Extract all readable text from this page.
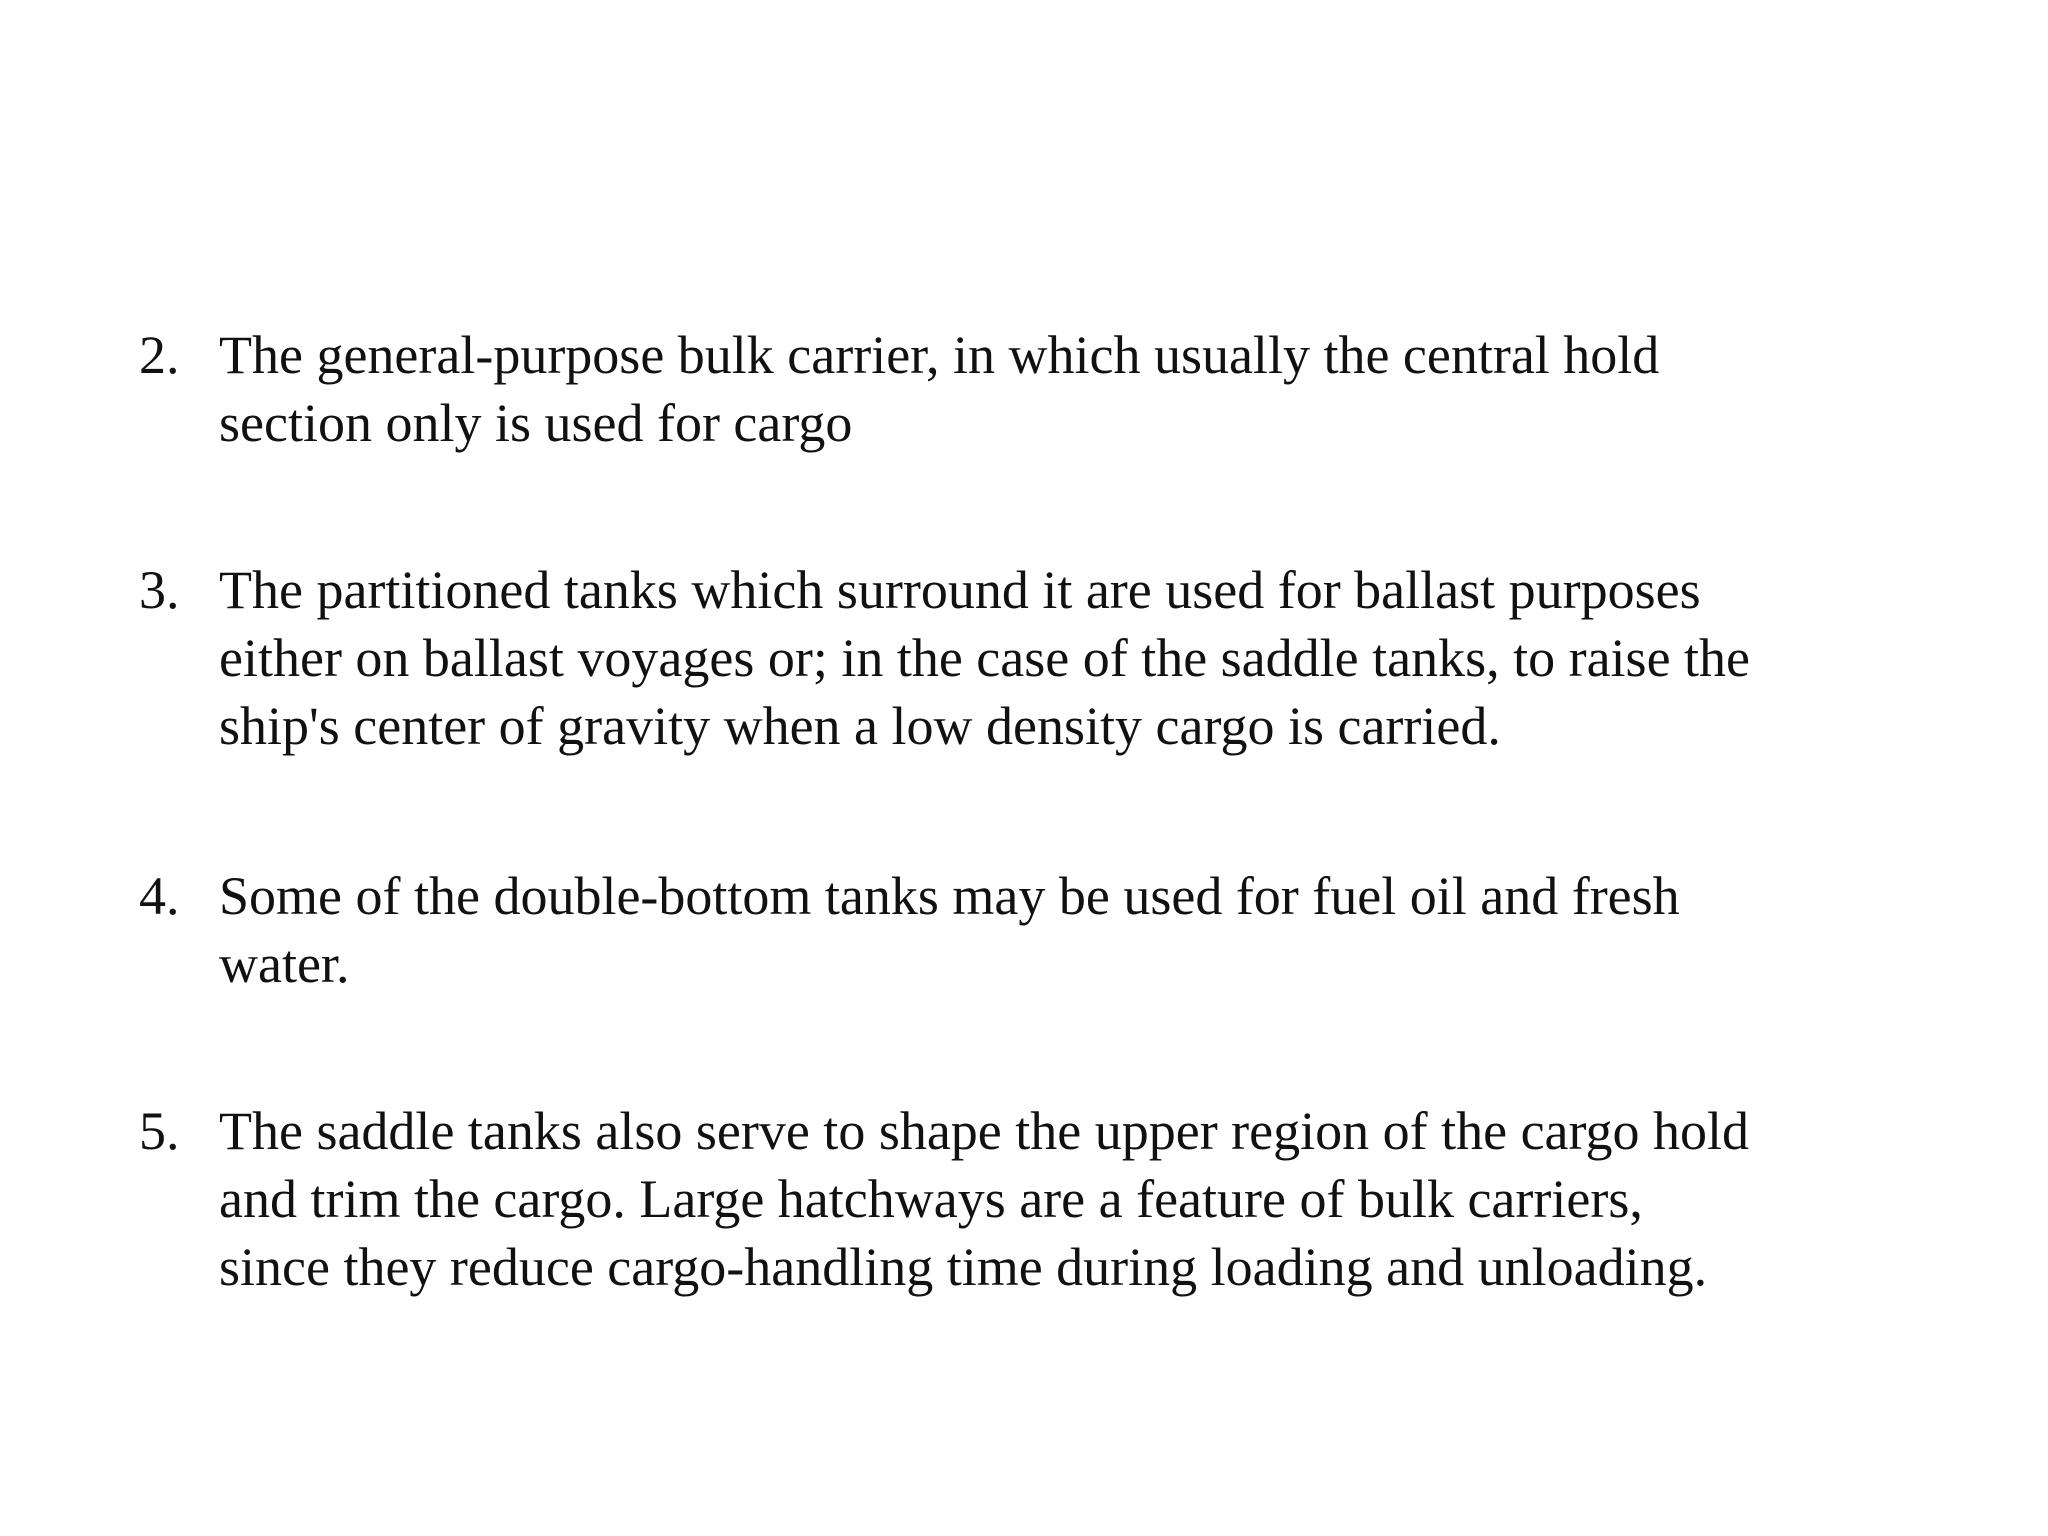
2. The general-purpose bulk carrier, in which usually the central hold
section only is used for cargo
3. The partitioned tanks which surround it are used for ballast purposes
either on ballast voyages or; in the case of the saddle tanks, to raise the
ship's center of gravity when a low density cargo is carried.
4. Some of the double-bottom tanks may be used for fuel oil and fresh
water.
5. The saddle tanks also serve to shape the upper region of the cargo hold
and trim the cargo. Large hatchways are a feature of bulk carriers,
since they reduce cargo-handling time during loading and unloading.
